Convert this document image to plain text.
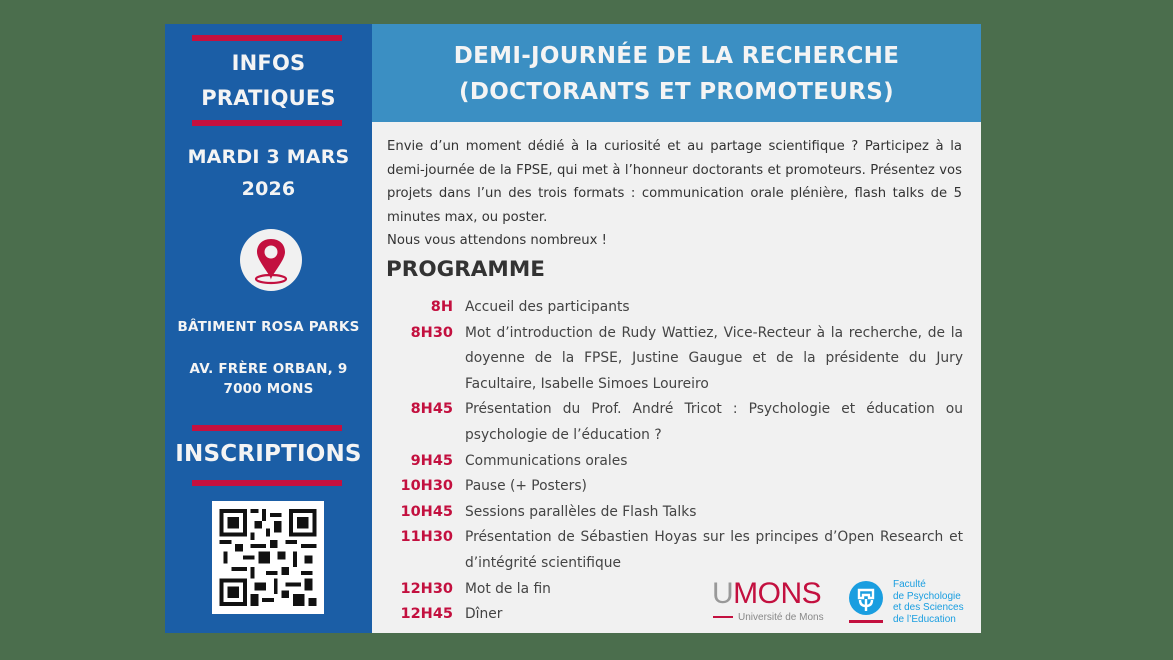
INFOS
PRATIQUES
MARDI 3 MARS
2026
BÂTIMENT ROSA PARKS
AV. FRÈRE ORBAN, 9
7000 MONS
INSCRIPTIONS
DEMI-JOURNÉE DE LA RECHERCHE
(DOCTORANTS ET PROMOTEURS)

Envie d’un moment dédié à la curiosité et au partage scientifique ? Participez à la demi-journée de la FPSE, qui met à l’honneur doctorants et promoteurs. Présentez vos projets dans l’un des trois formats : communication orale plénière, flash talks de 5 minutes max, ou poster.

Nous vous attendons nombreux !

PROGRAMME
8H Accueil des participants
8H30 Mot d’introduction de Rudy Wattiez, Vice-Recteur à la recherche, de la doyenne de la FPSE, Justine Gaugue et de la présidente du Jury Facultaire, Isabelle Simoes Loureiro
8H45 Présentation du Prof. André Tricot : Psychologie et éducation ou psychologie de l’éducation ?
9H45 Communications orales
10H30 Pause (+ Posters)
10H45 Sessions parallèles de Flash Talks
11H30 Présentation de Sébastien Hoyas sur les principes d’Open Research et d’intégrité scientifique
12H30 Mot de la fin
12H45 Dîner
UMONS
Université de Mons
Faculté
de Psychologie
et des Sciences
de l’Education
